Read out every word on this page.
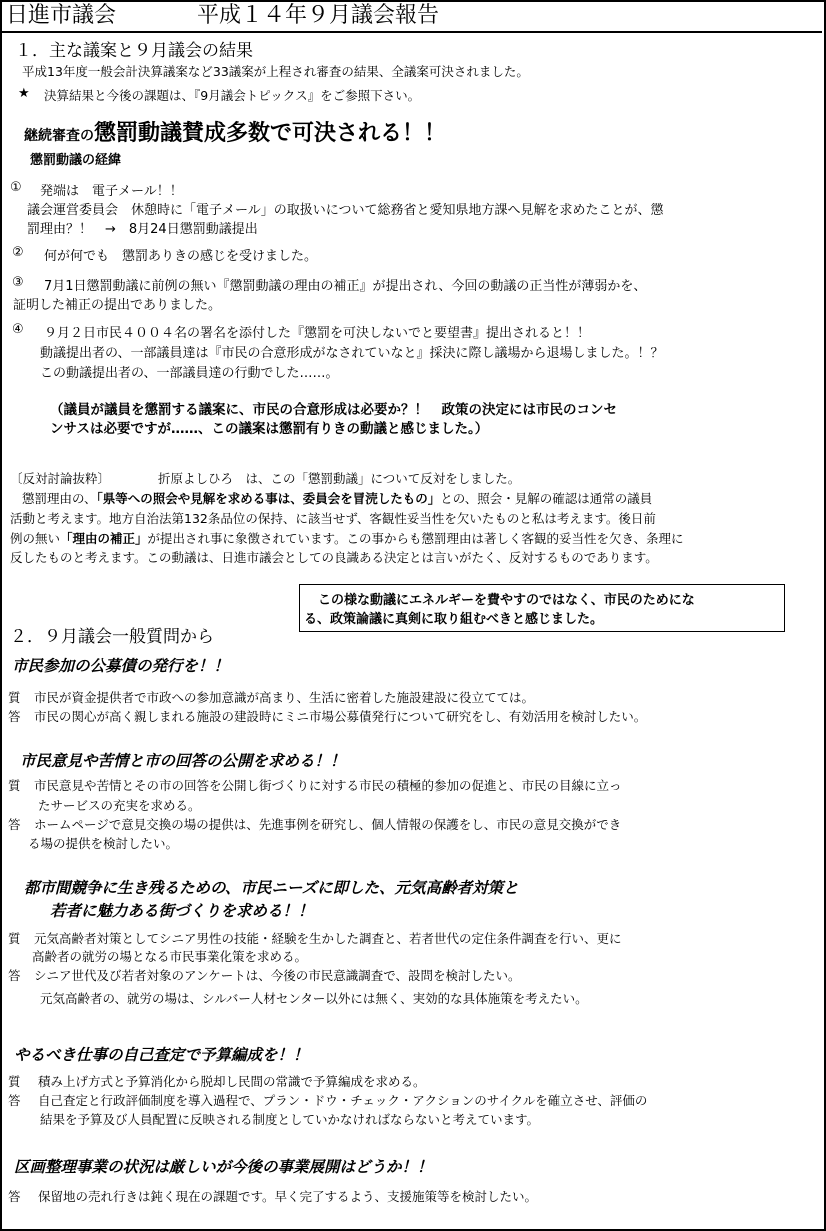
日進市議会	平成１４年９月議会報告
１．主な議案と９月議会の結果
平成13年度一般会計決算議案など33議案が上程され審査の結果、全議案可決されました。
★ 決算結果と今後の課題は、『9月議会トピックス』をご参照下さい。
継続審査の懲罰動議賛成多数で可決される！！
懲罰動議の経緯
① 発端は　電子メール！！
議会運営委員会　休憩時に「電子メール」の取扱いについて総務省と愛知県地方課へ見解を求めたことが、懲
罰理由？！　→　8月24日懲罰動議提出
② 何が何でも　懲罰ありきの感じを受けました。
③ 7月1日懲罰動議に前例の無い『懲罰動議の理由の補正』が提出され、今回の動議の正当性が薄弱かを、
証明した補正の提出でありました。
④ ９月２日市民４００４名の署名を添付した『懲罰を可決しないでと要望書』提出されると！！
動議提出者の、一部議員達は『市民の合意形成がなされていなと』採決に際し議場から退場しました。！？
この動議提出者の、一部議員達の行動でした……。
（議員が議員を懲罰する議案に、市民の合意形成は必要か？！　政策の決定には市民のコンセ
ンサスは必要ですが……、この議案は懲罰有りきの動議と感じました。）
〔反対討論抜粋〕	折原よしひろ　は、この「懲罰動議」について反対をしました。
懲罰理由の、「県等への照会や見解を求める事は、委員会を冒涜したもの」との、照会・見解の確認は通常の議員
活動と考えます。地方自治法第132条品位の保持、に該当せず、客観性妥当性を欠いたものと私は考えます。後日前
例の無い「理由の補正」が提出され事に象徴されています。この事からも懲罰理由は著しく客観的妥当性を欠き、条理に
反したものと考えます。この動議は、日進市議会としての良識ある決定とは言いがたく、反対するものであります。
この様な動議にエネルギーを費やすのではなく、市民のためにな
る、政策論議に真剣に取り組むべきと感じました。
２．９月議会一般質問から
市民参加の公募債の発行を！！
質 市民が資金提供者で市政への参加意識が高まり、生活に密着した施設建設に役立てては。
答 市民の関心が高く親しまれる施設の建設時にミニ市場公募債発行について研究をし、有効活用を検討したい。
市民意見や苦情と市の回答の公開を求める！！
質 市民意見や苦情とその市の回答を公開し街づくりに対する市民の積極的参加の促進と、市民の目線に立っ
たサービスの充実を求める。
答 ホームページで意見交換の場の提供は、先進事例を研究し、個人情報の保護をし、市民の意見交換ができ
る場の提供を検討したい。
都市間競争に生き残るための、市民ニーズに即した、元気高齢者対策と
若者に魅力ある街づくりを求める！！
質 元気高齢者対策としてシニア男性の技能・経験を生かした調査と、若者世代の定住条件調査を行い、更に
高齢者の就労の場となる市民事業化策を求める。
答 シニア世代及び若者対象のアンケートは、今後の市民意識調査で、設問を検討したい。
元気高齢者の、就労の場は、シルバー人材センター以外には無く、実効的な具体施策を考えたい。
やるべき仕事の自己査定で予算編成を！！
質 積み上げ方式と予算消化から脱却し民間の常識で予算編成を求める。
答 自己査定と行政評価制度を導入過程で、プラン・ドウ・チェック・アクションのサイクルを確立させ、評価の
結果を予算及び人員配置に反映される制度としていかなければならないと考えています。
区画整理事業の状況は厳しいが今後の事業展開はどうか！！
答 保留地の売れ行きは鈍く現在の課題です。早く完了するよう、支援施策等を検討したい。
